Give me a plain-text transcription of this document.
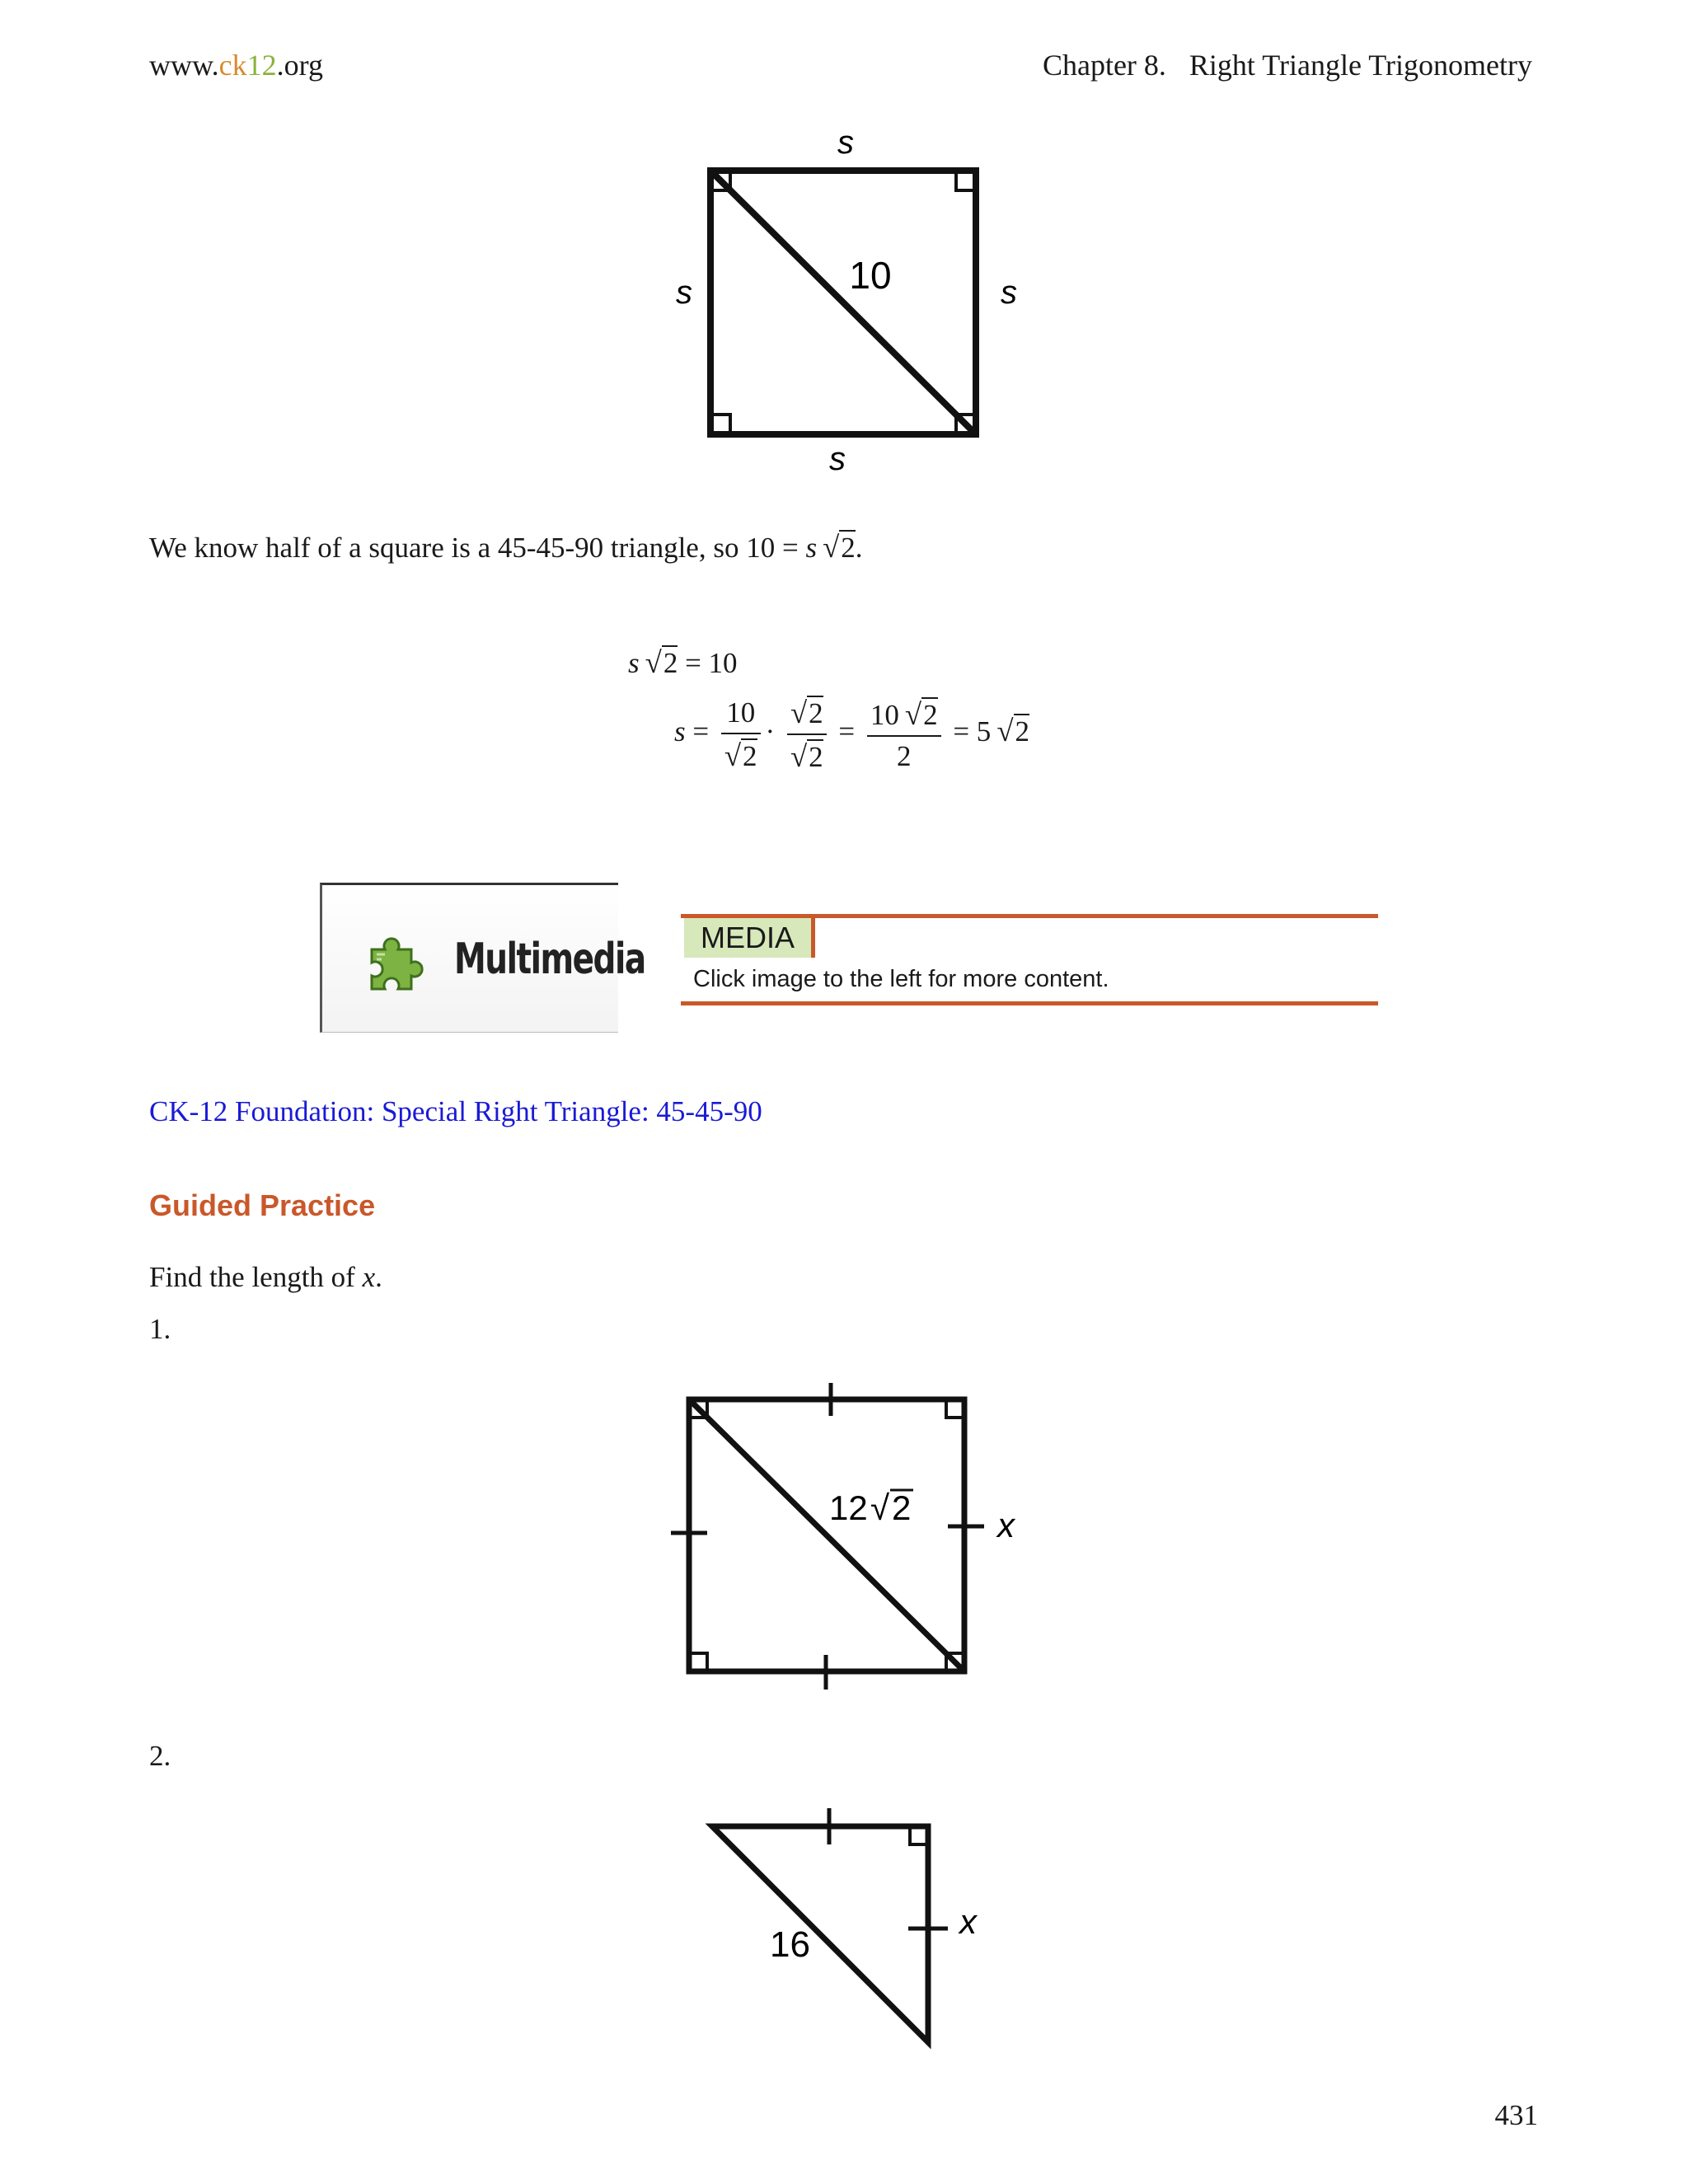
www.ck12.org	Chapter 8. Right Triangle Trigonometry
s
s	s
s
10
We know half of a square is a 45-45-90 triangle, so 10 = s  √2.
s  √2 = 10
$s = \frac{10}{√2} \cdot \frac{√2}{√2} = \frac{10 √2}{2} = 5$  √2
Multimedia	MEDIA
Click image to the left for more content.
CK-12 Foundation: Special Right Triangle: 45-45-90
Guided Practice
Find the length of x.
1.
12 √ 2 x
2.
16
x
431
